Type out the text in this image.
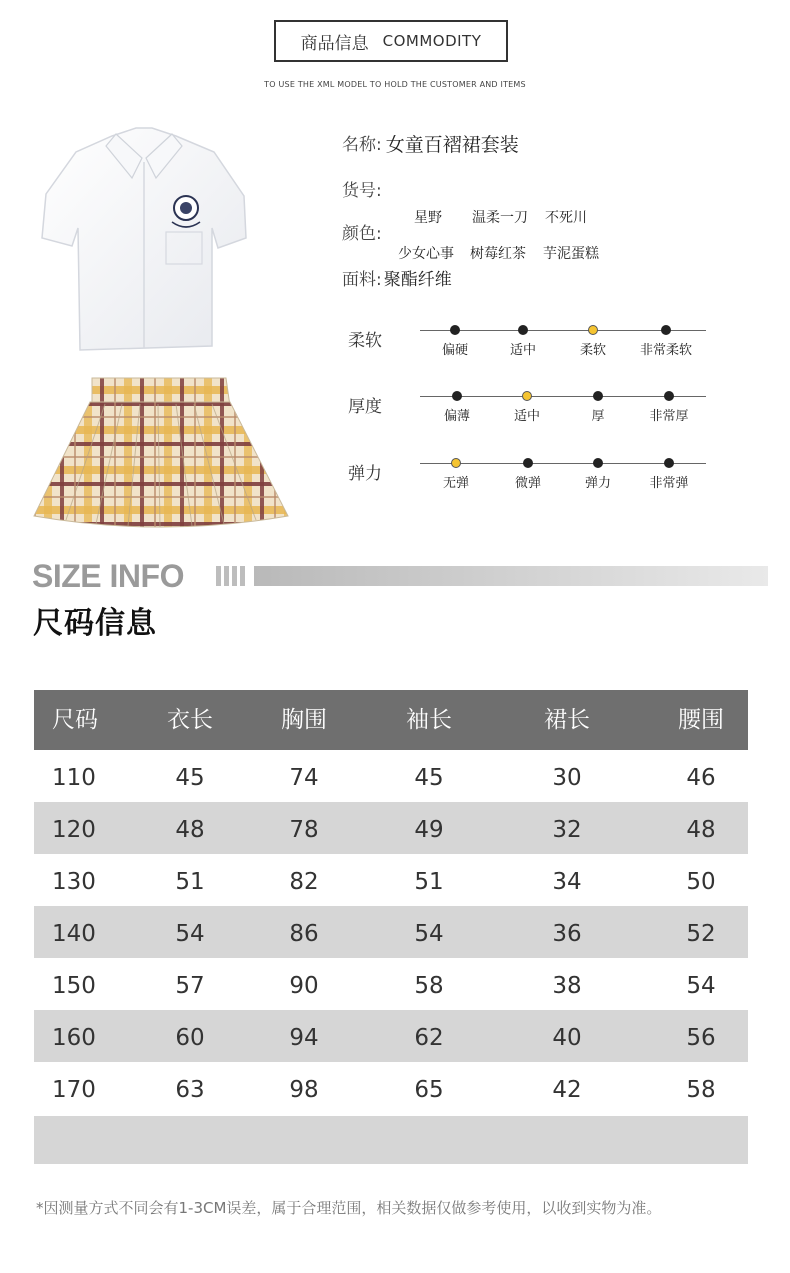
商品信息 COMMODITY
TO USE THE XML MODEL TO HOLD THE CUSTOMER AND ITEMS
名称: 女童百褶裙套装
货号:
颜色:
星野 温柔一刀 不死川
少女心事 树莓红茶 芋泥蛋糕
面料: 聚酯纤维
柔软	偏硬	适中	柔软	非常柔软
厚度	偏薄	适中	厚	非常厚
弹力	无弹	微弹	弹力	非常弹
SIZE INFO
尺码信息
尺码	衣长	胸围	袖长	裙长	腰围
110	45	74	45	30	46
120	48	78	49	32	48
130	51	82	51	34	50
140	54	86	54	36	52
150	57	90	58	38	54
160	60	94	62	40	56
170	63	98	65	42	58
*因测量方式不同会有1-3CM误差，属于合理范围，相关数据仅做参考使用，以收到实物为准。
